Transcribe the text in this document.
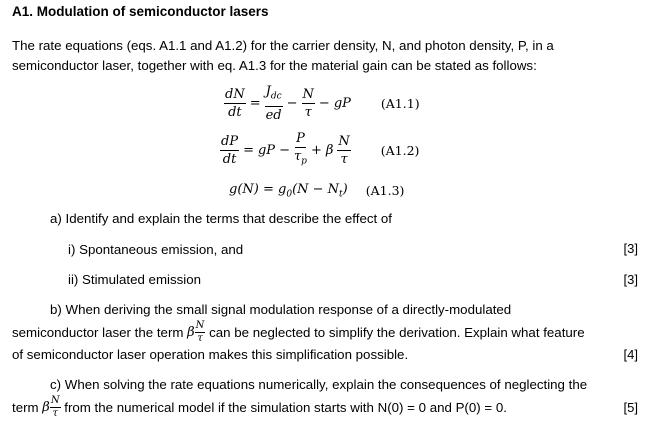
A1. Modulation of semiconductor lasers
The rate equations (eqs. A1.1 and A1.2) for the carrier density, N, and photon density, P, in a
semiconductor laser, together with eq. A1.3 for the material gain can be stated as follows:
$\frac{dN}{dt} = \frac{J_{dc}}{ed} - \frac{N}{\tau}$ − gP (A1.1)
$\frac{dP}{dt}$ = gP − $\frac{P}{\tau_p} + \beta \frac{N}{\tau} (A1.2)$
$g(N) = g_0(N - N_t)$ (A1.3)
a) Identify and explain the terms that describe the effect of
i) Spontaneous emission, and	[3]
ii) Stimulated emission	[3]
b) When deriving the small signal modulation response of a directly-modulated
semiconductor laser the term β $\frac{N}{\tau}$ can be neglected to simplify the derivation. Explain what feature
of semiconductor laser operation makes this simplification possible.	[4]
c) When solving the rate equations numerically, explain the consequences of neglecting the
term β $\frac{N}{\tau}$ from the numerical model if the simulation starts with N(0) = 0 and P(0) = 0.	[5]
